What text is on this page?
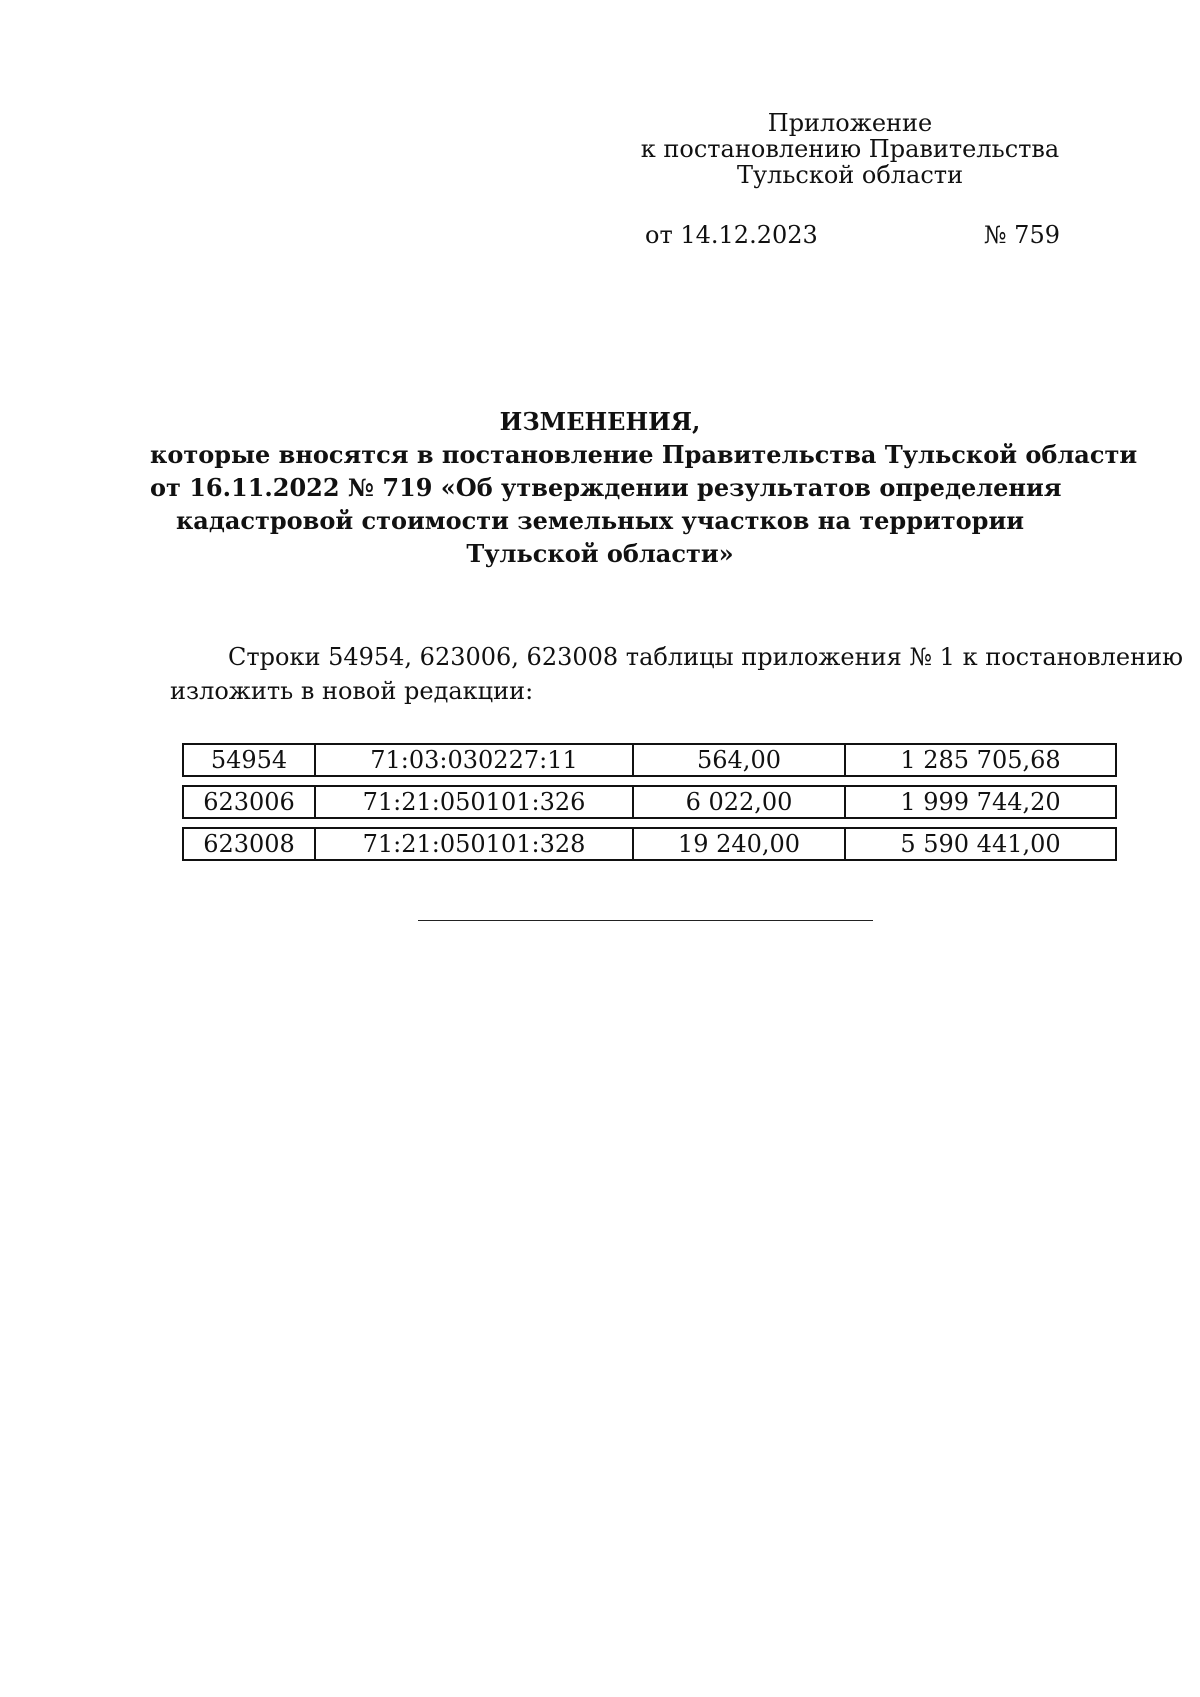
Приложение
к постановлению Правительства
Тульской области
от 14.12.2023	№ 759
ИЗМЕНЕНИЯ,
которые вносятся в постановление Правительства Тульской области
от 16.11.2022 № 719 «Об утверждении результатов определения
кадастровой стоимости земельных участков на территории
Тульской области»
Строки 54954, 623006, 623008 таблицы приложения № 1 к постановлению
изложить в новой редакции:
54954	71:03:030227:11	564,00	1 285 705,68
623006	71:21:050101:326	6 022,00	1 999 744,20
623008	71:21:050101:328	19 240,00	5 590 441,00
